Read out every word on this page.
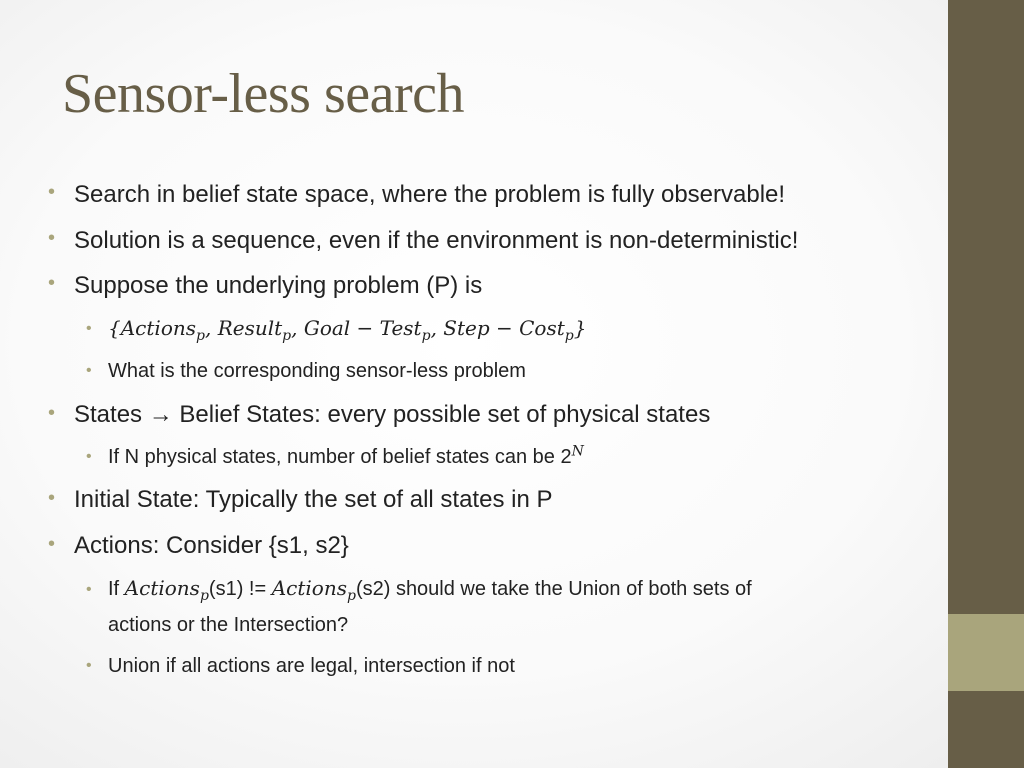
Sensor-less search
• Search in belief state space, where the problem is fully observable!
• Solution is a sequence, even if the environment is non-deterministic!
• Suppose the underlying problem (P) is
• {Actions$_p$, Result$_p$, Goal − Test$_p$, Step − Cost$_p$}
• What is the corresponding sensor-less problem
• States → Belief States: every possible set of physical states
• If N physical states, number of belief states can be $2^N$
• Initial State: Typically the set of all states in P
• Actions: Consider {s1, s2}
• If Actions$_p$(s1) != Actions$_p$(s2) should we take the Union of both sets of
actions or the Intersection?
• Union if all actions are legal, intersection if not
